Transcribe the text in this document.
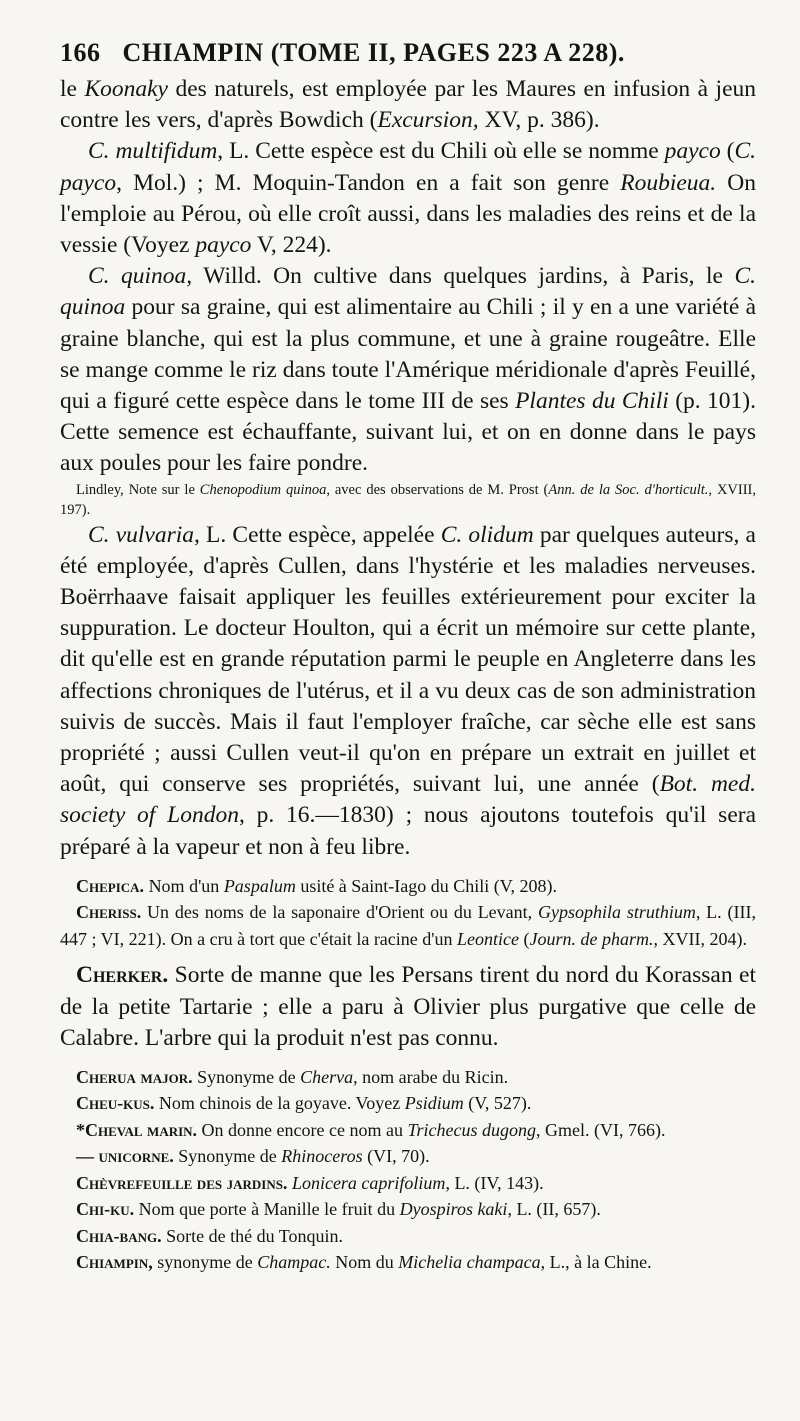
166 CHIAMPIN (TOME II, PAGES 223 A 228).

le Koonaky des naturels, est employée par les Maures en infusion à jeun contre les vers, d'après Bowdich (Excursion, XV, p. 386).

C. multifidum, L. Cette espèce est du Chili où elle se nomme payco (C. payco, Mol.) ; M. Moquin-Tandon en a fait son genre Roubieua. On l'emploie au Pérou, où elle croît aussi, dans les maladies des reins et de la vessie (Voyez payco V, 224).

C. quinoa, Willd. On cultive dans quelques jardins, à Paris, le C. quinoa pour sa graine, qui est alimentaire au Chili ; il y en a une variété à graine blanche, qui est la plus commune, et une à graine rougeâtre. Elle se mange comme le riz dans toute l'Amérique méridionale d'après Feuillé, qui a figuré cette espèce dans le tome III de ses Plantes du Chili (p. 101). Cette semence est échauffante, suivant lui, et on en donne dans le pays aux poules pour les faire pondre.

Lindley, Note sur le Chenopodium quinoa, avec des observations de M. Prost (Ann. de la Soc. d'horticult., XVIII, 197).

C. vulvaria, L. Cette espèce, appelée C. olidum par quelques auteurs, a été employée, d'après Cullen, dans l'hystérie et les maladies nerveuses. Boërrhaave faisait appliquer les feuilles extérieurement pour exciter la suppuration. Le docteur Houlton, qui a écrit un mémoire sur cette plante, dit qu'elle est en grande réputation parmi le peuple en Angleterre dans les affections chroniques de l'utérus, et il a vu deux cas de son administration suivis de succès. Mais il faut l'employer fraîche, car sèche elle est sans propriété ; aussi Cullen veut-il qu'on en prépare un extrait en juillet et août, qui conserve ses propriétés, suivant lui, une année (Bot. med. society of London, p. 16.—1830) ; nous ajoutons toutefois qu'il sera préparé à la vapeur et non à feu libre.

Chepica. Nom d'un Paspalum usité à Saint-Iago du Chili (V, 208).

Cheriss. Un des noms de la saponaire d'Orient ou du Levant, Gypsophila struthium, L. (III, 447 ; VI, 221). On a cru à tort que c'était la racine d'un Leontice (Journ. de pharm., XVII, 204).

Cherker. Sorte de manne que les Persans tirent du nord du Korassan et de la petite Tartarie ; elle a paru à Olivier plus purgative que celle de Calabre. L'arbre qui la produit n'est pas connu.

Cherua major. Synonyme de Cherva, nom arabe du Ricin.

Cheu-kus. Nom chinois de la goyave. Voyez Psidium (V, 527).

*Cheval marin. On donne encore ce nom au Trichecus dugong, Gmel. (VI, 766).

— unicorne. Synonyme de Rhinoceros (VI, 70).

Chèvrefeuille des jardins. Lonicera caprifolium, L. (IV, 143).

Chi-ku. Nom que porte à Manille le fruit du Dyospiros kaki, L. (II, 657).

Chia-bang. Sorte de thé du Tonquin.

Chiampin, synonyme de Champac. Nom du Michelia champaca, L., à la Chine.
